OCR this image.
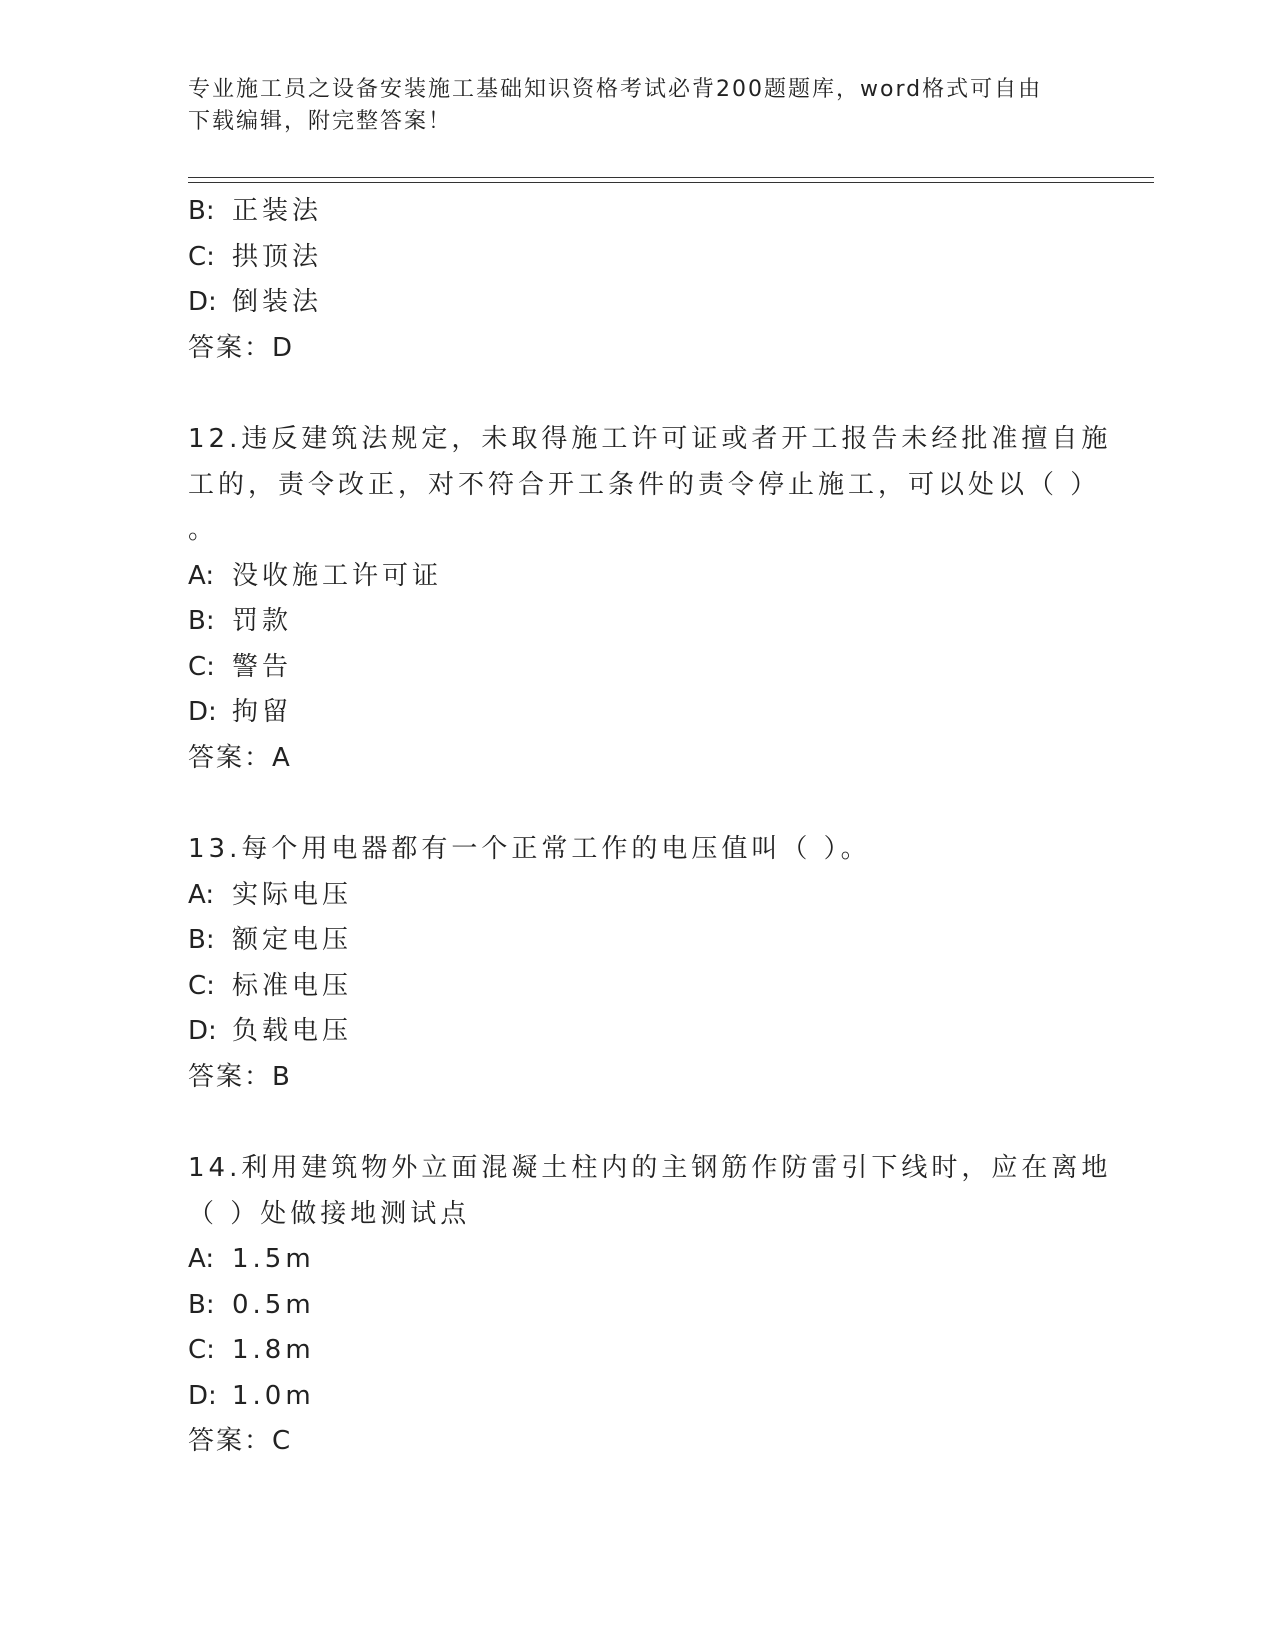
专业施工员之设备安装施工基础知识资格考试必背200题题库，word格式可自由
下载编辑，附完整答案！
B: 正装法
C: 拱顶法
D: 倒装法
答案：D
12.违反建筑法规定，未取得施工许可证或者开工报告未经批准擅自施
工的，责令改正，对不符合开工条件的责令停止施工，可以处以（ ）
。
A: 没收施工许可证
B: 罚款
C: 警告
D: 拘留
答案：A
13.每个用电器都有一个正常工作的电压值叫（ ）。
A: 实际电压
B: 额定电压
C: 标准电压
D: 负载电压
答案：B
14.利用建筑物外立面混凝土柱内的主钢筋作防雷引下线时，应在离地
（ ）处做接地测试点
A: 1.5m
B: 0.5m
C: 1.8m
D: 1.0m
答案：C
